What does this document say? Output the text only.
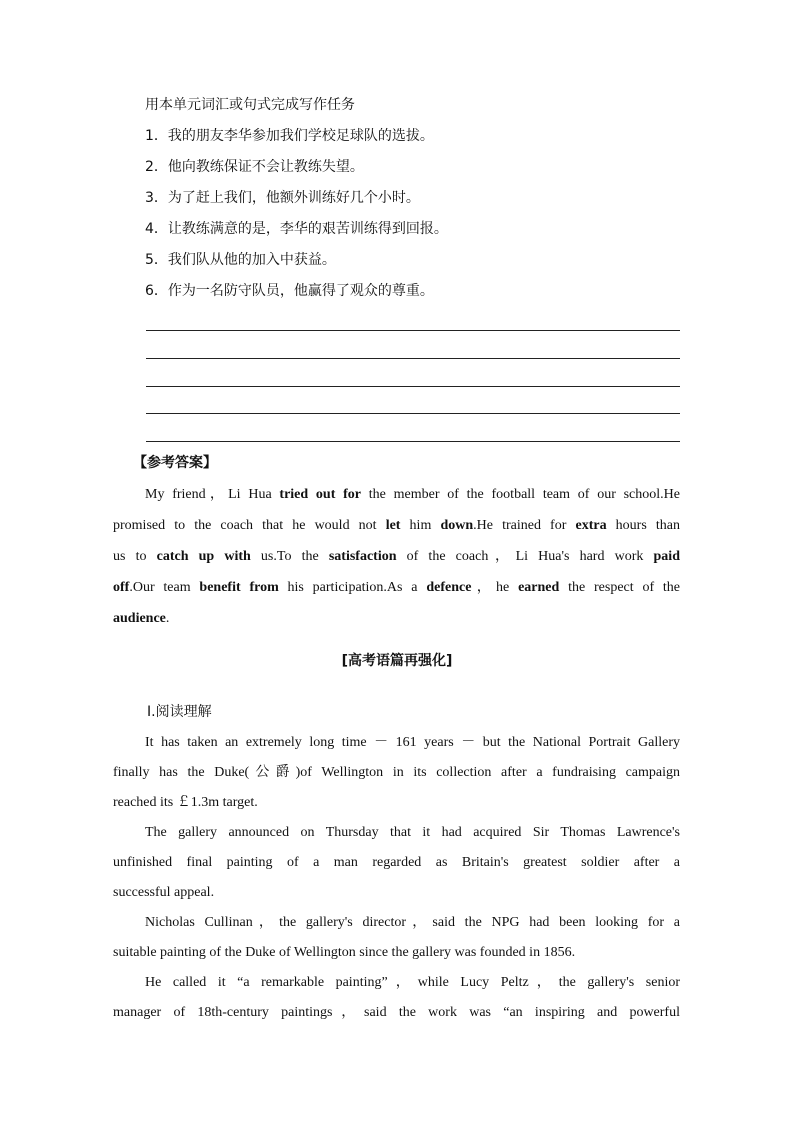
用本单元词汇或句式完成写作任务
1．我的朋友李华参加我们学校足球队的选拔。
2．他向教练保证不会让教练失望。
3．为了赶上我们，他额外训练好几个小时。
4．让教练满意的是，李华的艰苦训练得到回报。
5．我们队从他的加入中获益。
6．作为一名防守队员，他赢得了观众的尊重。
【参考答案】
My friend，Li Hua tried out for the member of the football team of our school.He
promised to the coach that he would not let him down.He trained for extra hours than
us to catch up with us.To the satisfaction of the coach，Li Hua's hard work paid
off.Our team benefit from his participation.As a defence，he earned the respect of the
audience.
[高考语篇再强化]
Ⅰ.阅读理解
It has taken an extremely long time － 161 years － but the National Portrait Gallery
finally has the Duke(公爵)of Wellington in its collection after a fundraising campaign
reached its ￡1.3m target.
The gallery announced on Thursday that it had acquired Sir Thomas Lawrence's
unfinished final painting of a man regarded as Britain's greatest soldier after a
successful appeal.
Nicholas Cullinan，the gallery's director，said the NPG had been looking for a
suitable painting of the Duke of Wellington since the gallery was founded in 1856.
He called it “a remarkable painting”，while Lucy Peltz，the gallery's senior
manager of 18th-century paintings，said the work was “an inspiring and powerful
